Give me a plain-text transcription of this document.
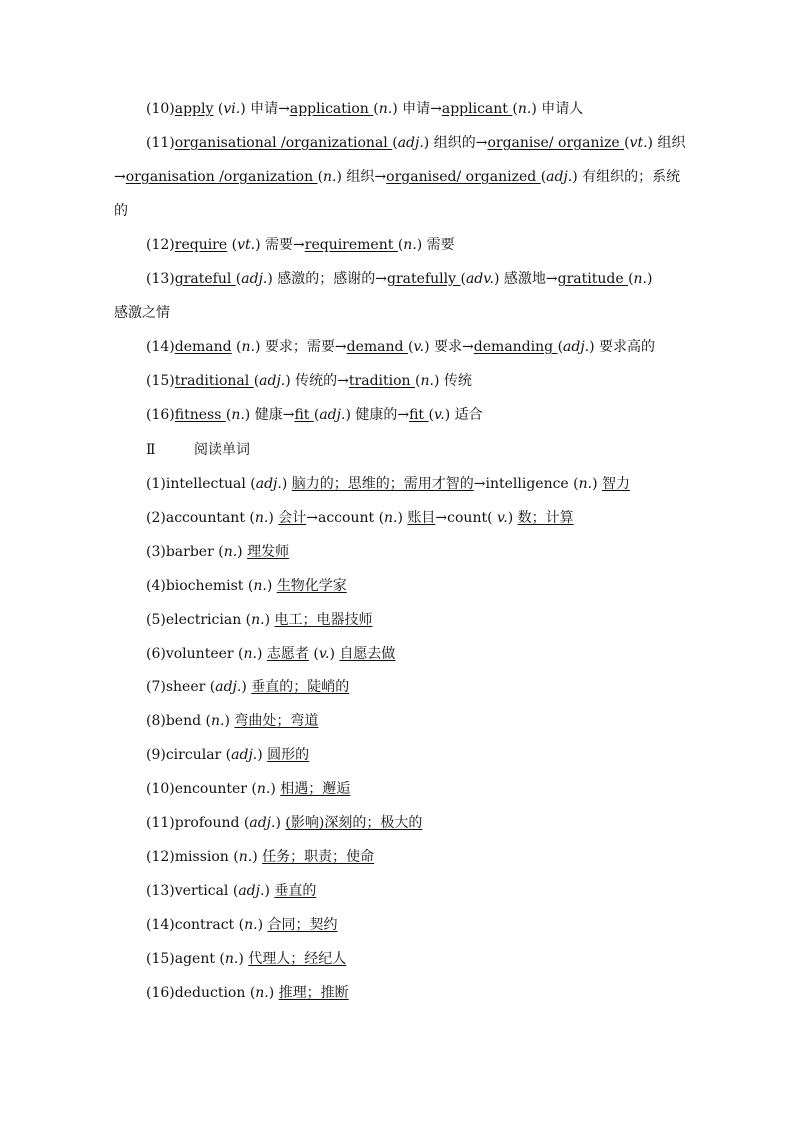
(10)apply (vi.) 申请→application (n.) 申请→applicant (n.) 申请人
(11)organisational /organizational (adj.) 组织的→organise/ organize (vt.) 组织
→organisation /organization (n.) 组织→organised/ organized (adj.) 有组织的；系统
的
(12)require (vt.) 需要→requirement (n.) 需要
(13)grateful (adj.) 感激的；感谢的→gratefully (adv.) 感激地→gratitude (n.)
感激之情
(14)demand (n.) 要求；需要→demand (v.) 要求→demanding (adj.) 要求高的
(15)traditional (adj.) 传统的→tradition (n.) 传统
(16)fitness (n.) 健康→fit (adj.) 健康的→fit (v.) 适合
Ⅱ	阅读单词
(1)intellectual (adj.) 脑力的；思维的；需用才智的→intelligence (n.) 智力
(2)accountant (n.) 会计→account (n.) 账目→count( v.) 数；计算
(3)barber (n.) 理发师
(4)biochemist (n.) 生物化学家
(5)electrician (n.) 电工；电器技师
(6)volunteer (n.) 志愿者 (v.) 自愿去做
(7)sheer (adj.) 垂直的；陡峭的
(8)bend (n.) 弯曲处；弯道
(9)circular (adj.) 圆形的
(10)encounter (n.) 相遇；邂逅
(11)profound (adj.) (影响)深刻的；极大的
(12)mission (n.) 任务；职责；使命
(13)vertical (adj.) 垂直的
(14)contract (n.) 合同；契约
(15)agent (n.) 代理人；经纪人
(16)deduction (n.) 推理；推断
